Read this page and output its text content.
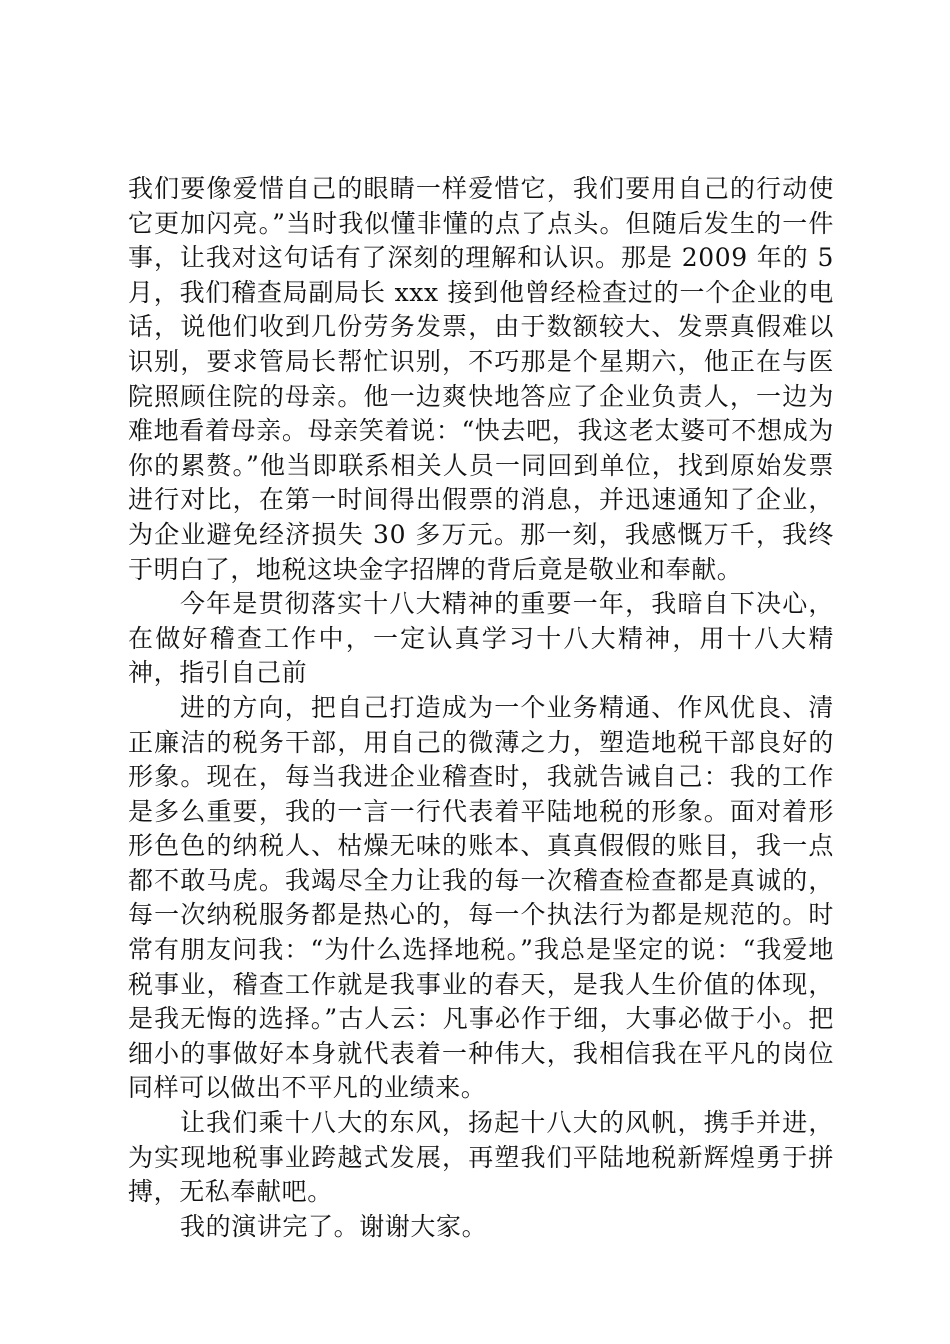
我们要像爱惜自己的眼睛一样爱惜它，我们要用自己的行动使它更加闪亮。”当时我似懂非懂的点了点头。但随后发生的一件事，让我对这句话有了深刻的理解和认识。那是 2009 年的 5 月，我们稽查局副局长 xxx 接到他曾经检查过的一个企业的电话，说他们收到几份劳务发票，由于数额较大、发票真假难以识别，要求管局长帮忙识别，不巧那是个星期六，他正在与医院照顾住院的母亲。他一边爽快地答应了企业负责人，一边为难地看着母亲。母亲笑着说：“快去吧，我这老太婆可不想成为你的累赘。”他当即联系相关人员一同回到单位，找到原始发票进行对比，在第一时间得出假票的消息，并迅速通知了企业，为企业避免经济损失 30 多万元。那一刻，我感慨万千，我终于明白了，地税这块金字招牌的背后竟是敬业和奉献。

今年是贯彻落实十八大精神的重要一年，我暗自下决心，在做好稽查工作中，一定认真学习十八大精神，用十八大精神，指引自己前

进的方向，把自己打造成为一个业务精通、作风优良、清正廉洁的税务干部，用自己的微薄之力，塑造地税干部良好的形象。现在，每当我进企业稽查时，我就告诫自己：我的工作是多么重要，我的一言一行代表着平陆地税的形象。面对着形形色色的纳税人、枯燥无味的账本、真真假假的账目，我一点都不敢马虎。我竭尽全力让我的每一次稽查检查都是真诚的，每一次纳税服务都是热心的，每一个执法行为都是规范的。时常有朋友问我：“为什么选择地税。”我总是坚定的说：“我爱地税事业，稽查工作就是我事业的春天，是我人生价值的体现，是我无悔的选择。”古人云：凡事必作于细，大事必做于小。把细小的事做好本身就代表着一种伟大，我相信我在平凡的岗位同样可以做出不平凡的业绩来。

让我们乘十八大的东风，扬起十八大的风帆，携手并进，为实现地税事业跨越式发展，再塑我们平陆地税新辉煌勇于拼搏，无私奉献吧。

我的演讲完了。谢谢大家。
